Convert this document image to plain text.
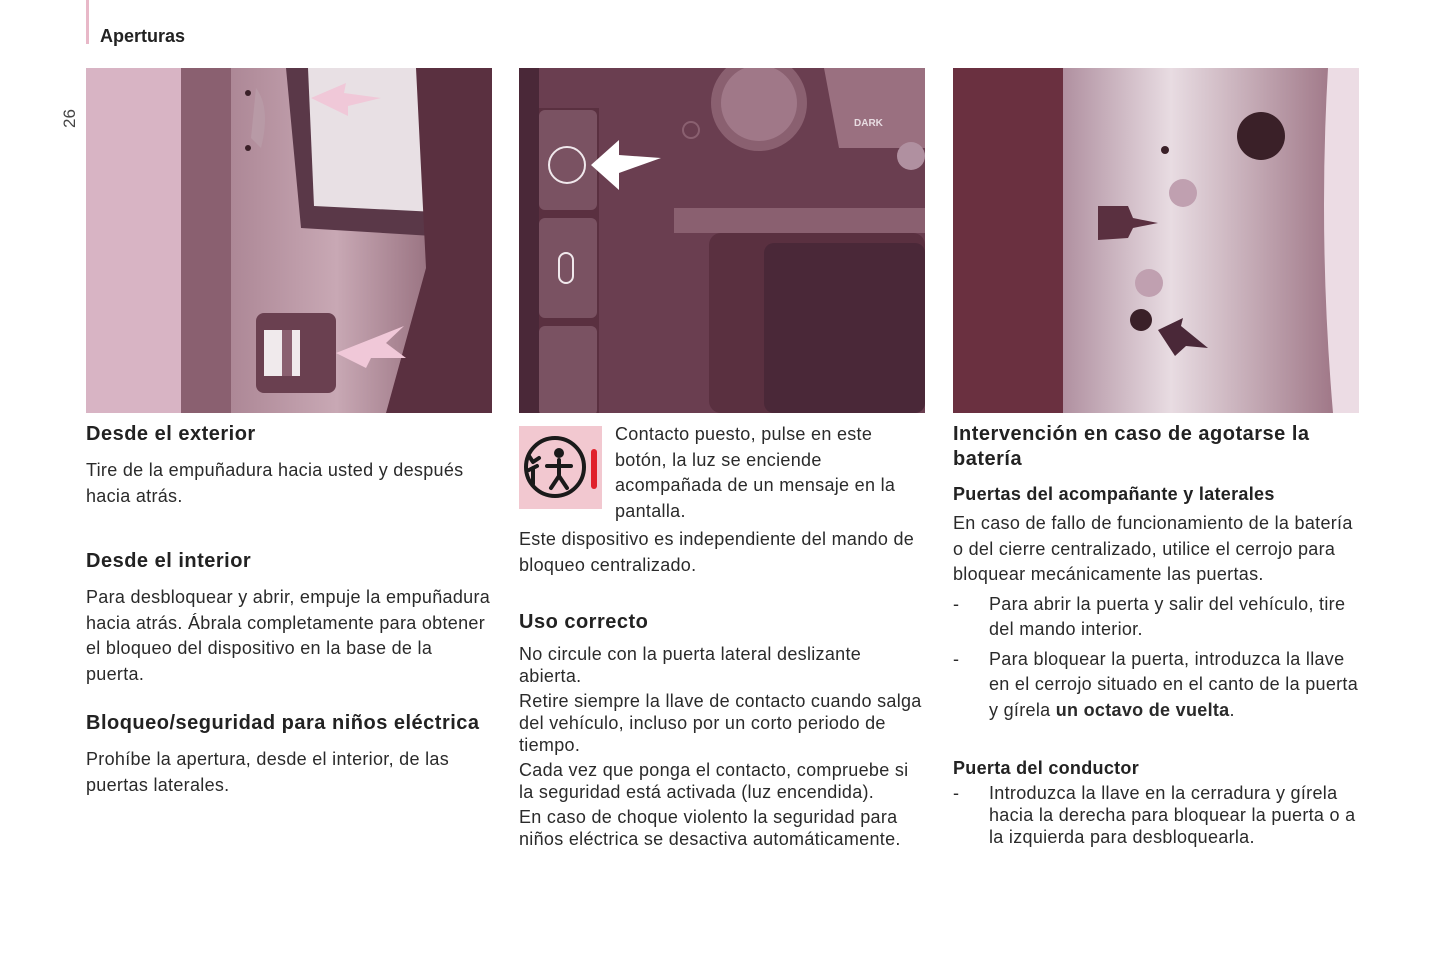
Aperturas
26	DARK
Desde el exterior

Tire de la empuñadura hacia usted y después hacia atrás.

Desde el interior

Para desbloquear y abrir, empuje la empuñadura hacia atrás. Ábrala completamente para obtener el bloqueo del dispositivo en la base de la puerta.

Bloqueo/seguridad para niños eléctrica

Prohíbe la apertura, desde el interior, de las puertas laterales.

Contacto puesto, pulse en este botón, la luz se enciende acompañada de un mensaje en la pantalla.

Este dispositivo es independiente del mando de bloqueo centralizado.

Uso correcto

No circule con la puerta lateral deslizante abierta.

Retire siempre la llave de contacto cuando salga del vehículo, incluso por un corto periodo de tiempo.

Cada vez que ponga el contacto, compruebe si la seguridad está activada (luz encendida).

En caso de choque violento la seguridad para niños eléctrica se desactiva automáticamente.

Intervención en caso de agotarse la batería
Puertas del acompañante y laterales

En caso de fallo de funcionamiento de la batería o del cierre centralizado, utilice el cerrojo para bloquear mecánicamente las puertas.

- Para abrir la puerta y salir del vehículo, tire del mando interior.
- Para bloquear la puerta, introduzca la llave en el cerrojo situado en el canto de la puerta y gírela un octavo de vuelta.
Puerta del conductor
- Introduzca la llave en la cerradura y gírela hacia la derecha para bloquear la puerta o a la izquierda para desbloquearla.
